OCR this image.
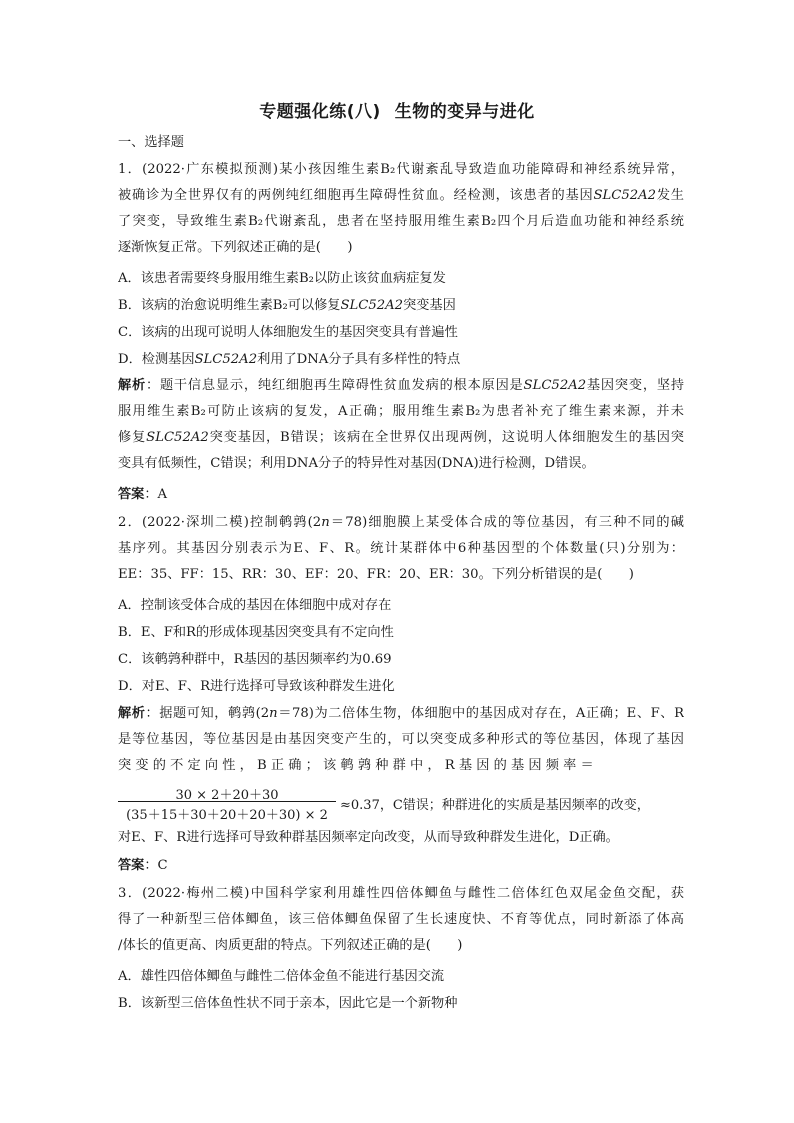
专题强化练(八) 生物的变异与进化
一、选择题
1．(2022·广东模拟预测)某小孩因维生素B₂代谢紊乱导致造血功能障碍和神经系统异常，
被确诊为全世界仅有的两例纯红细胞再生障碍性贫血。经检测，该患者的基因SLC52A2发生
了突变，导致维生素B₂代谢紊乱，患者在坚持服用维生素B₂四个月后造血功能和神经系统
逐渐恢复正常。下列叙述正确的是(　　)
A．该患者需要终身服用维生素B₂以防止该贫血病症复发
B．该病的治愈说明维生素B₂可以修复SLC52A2突变基因
C．该病的出现可说明人体细胞发生的基因突变具有普遍性
D．检测基因SLC52A2利用了DNA分子具有多样性的特点
解析：题干信息显示，纯红细胞再生障碍性贫血发病的根本原因是SLC52A2基因突变，坚持
服用维生素B₂可防止该病的复发，A正确；服用维生素B₂为患者补充了维生素来源，并未
修复SLC52A2突变基因，B错误；该病在全世界仅出现两例，这说明人体细胞发生的基因突
变具有低频性，C错误；利用DNA分子的特异性对基因(DNA)进行检测，D错误。
答案：A
2．(2022·深圳二模)控制鹌鹑(2n＝78)细胞膜上某受体合成的等位基因，有三种不同的碱
基序列。其基因分别表示为E、F、R。统计某群体中6种基因型的个体数量(只)分别为：
EE：35、FF：15、RR：30、EF：20、FR：20、ER：30。下列分析错误的是(　　)
A．控制该受体合成的基因在体细胞中成对存在
B．E、F和R的形成体现基因突变具有不定向性
C．该鹌鹑种群中，R基因的基因频率约为0.69
D．对E、F、R进行选择可导致该种群发生进化
解析：据题可知，鹌鹑(2n＝78)为二倍体生物，体细胞中的基因成对存在，A正确；E、F、R
是等位基因，等位基因是由基因突变产生的，可以突变成多种形式的等位基因，体现了基因
突 变 的 不 定 向 性 ， B 正 确 ； 该 鹌 鹑 种 群 中 ， R 基 因 的 基 因 频 率 ＝
30 × 2＋20＋30
(35＋15＋30＋20＋20＋30) × 2
≈0.37，C错误；种群进化的实质是基因频率的改变，
对E、F、R进行选择可导致种群基因频率定向改变，从而导致种群发生进化，D正确。
答案：C
3．(2022·梅州二模)中国科学家利用雄性四倍体鲫鱼与雌性二倍体红色双尾金鱼交配，获
得了一种新型三倍体鲫鱼，该三倍体鲫鱼保留了生长速度快、不育等优点，同时新添了体高
/体长的值更高、肉质更甜的特点。下列叙述正确的是(　　)
A．雄性四倍体鲫鱼与雌性二倍体金鱼不能进行基因交流
B．该新型三倍体鱼性状不同于亲本，因此它是一个新物种
